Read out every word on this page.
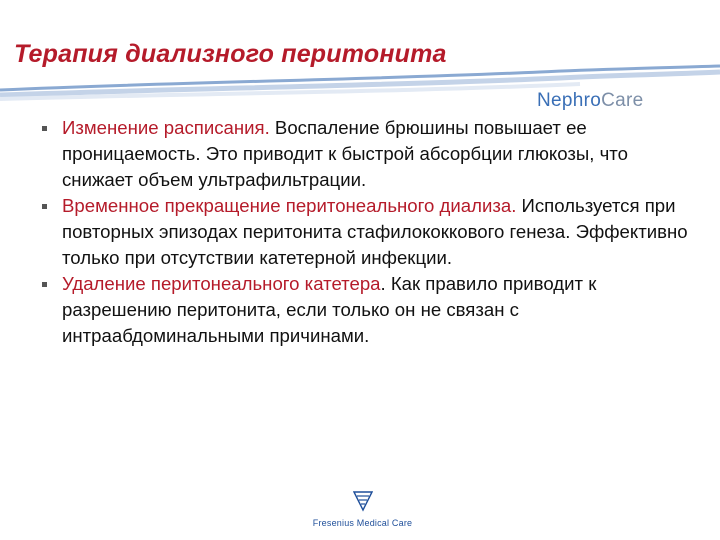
Терапия диализного перитонита
NephroCare
Изменение расписания. Воспаление брюшины повышает ее проницаемость. Это приводит к быстрой абсорбции глюкозы, что снижает объем ультрафильтрации.
Временное прекращение перитонеального диализа. Используется при повторных эпизодах перитонита стафилококкового генеза. Эффективно только при отсутствии катетерной инфекции.
Удаление перитонеального катетера. Как правило приводит к разрешению перитонита, если только он не связан с интраабдоминальными причинами.
Fresenius Medical Care
